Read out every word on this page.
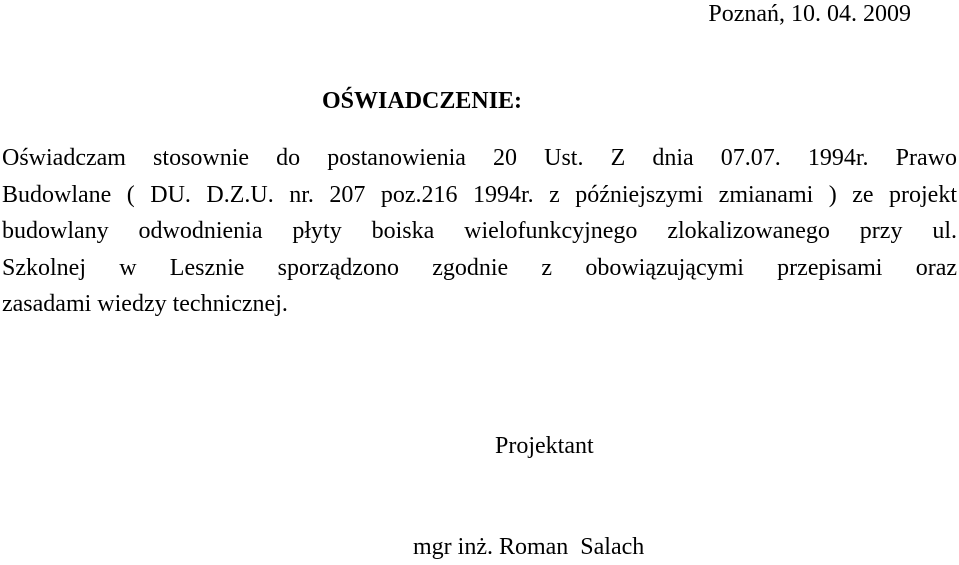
Poznań, 10. 04. 2009
OŚWIADCZENIE:
Oświadczam stosownie do postanowienia 20 Ust. Z dnia 07.07. 1994r. Prawo
Budowlane ( DU. D.Z.U. nr. 207 poz.216 1994r. z późniejszymi zmianami ) ze projekt
budowlany odwodnienia płyty boiska wielofunkcyjnego zlokalizowanego przy ul.
Szkolnej w Lesznie sporządzono zgodnie z obowiązującymi przepisami oraz
zasadami wiedzy technicznej.
Projektant
mgr inż. Roman  Salach
